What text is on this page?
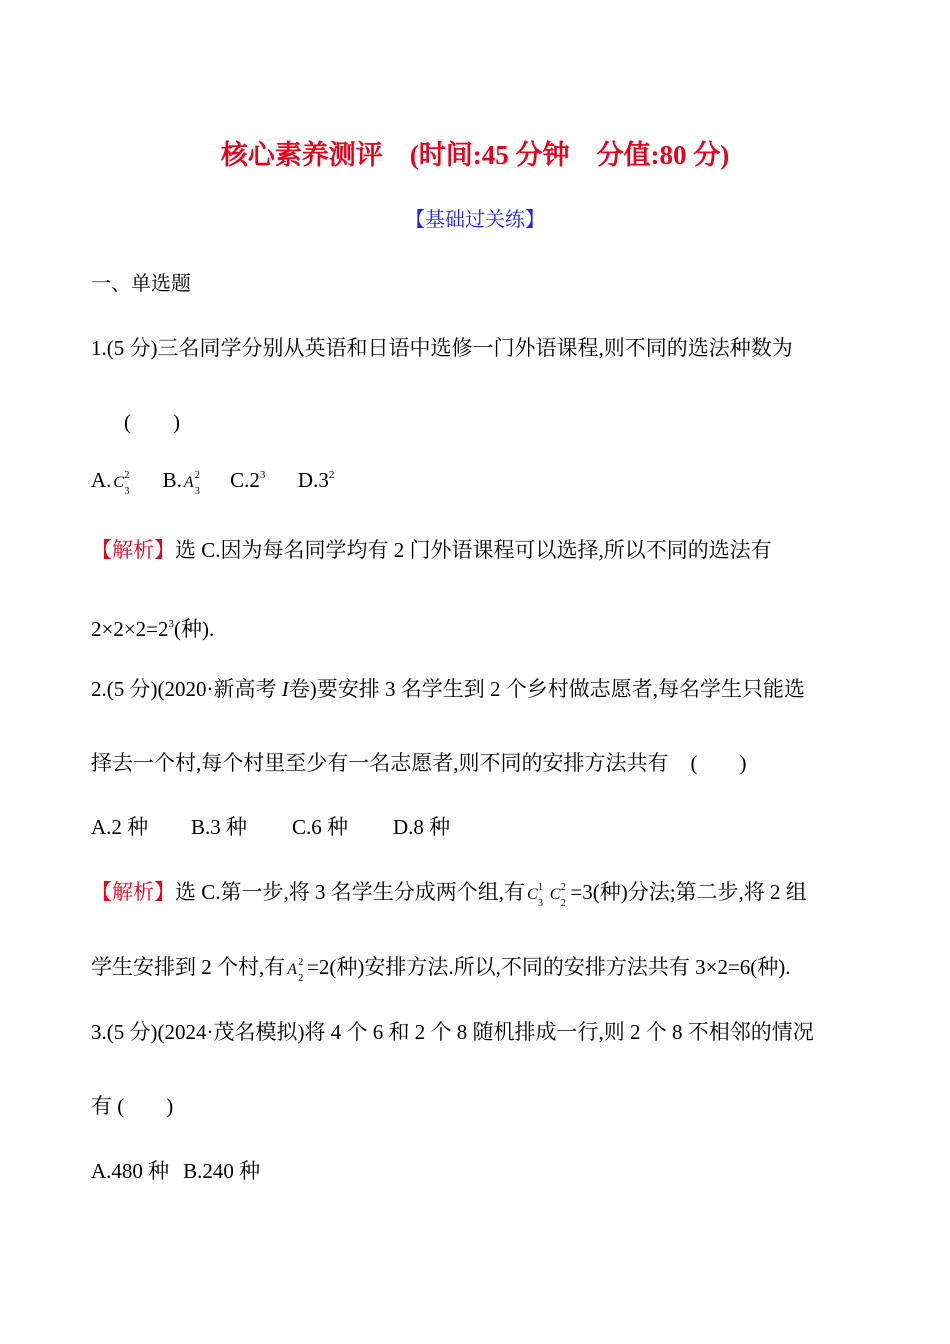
核心素养测评　(时间:45 分钟　分值:80 分)
【基础过关练】
一、单选题
1.(5 分)三名同学分别从英语和日语中选修一门外语课程,则不同的选法种数为
(　　)
A. C 2
3 B. A 2
3 $C.2^3$ $D.3^2$
【解析】选 C.因为每名同学均有 2 门外语课程可以选择,所以不同的选法有
$2\times 2\times 2=2^3$(种).
2.(5 分)(2020·新高考 I卷)要安排 3 名学生到 2 个乡村做志愿者,每名学生只能选
择去一个村,每个村里至少有一名志愿者,则不同的安排方法共有 (　　)
A.2 种 B.3 种 C.6 种 D.8 种
【解析】选 C.第一步,将 3 名学生分成两个组,有 C 1
3
C 2
2 =3(种)分法;第二步,将 2 组
学生安排到 2 个村,有 A 2
2 =2(种)安排方法.所以,不同的安排方法共有 3×2=6(种).
3.(5 分)(2024·茂名模拟)将 4 个 6 和 2 个 8 随机排成一行,则 2 个 8 不相邻的情况
有 (　　)
A.480 种 B.240 种
